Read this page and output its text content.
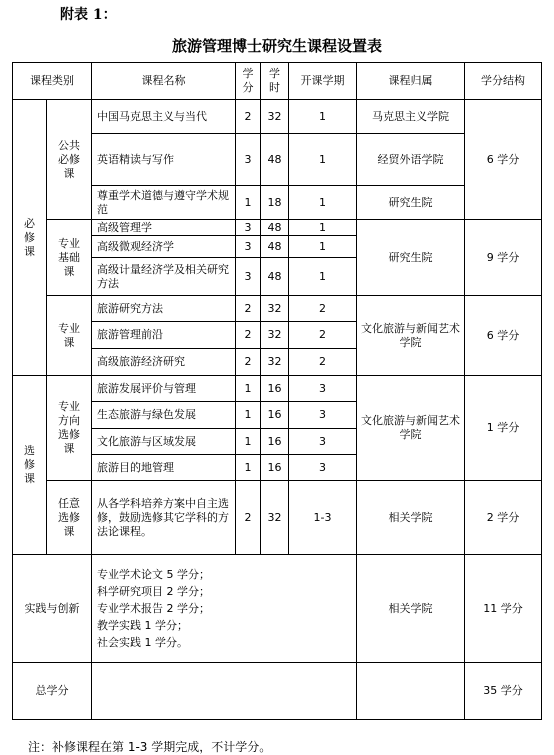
附表 1：
旅游管理博士研究生课程设置表
课程类别		课程名称	学分	学时	开课学期	课程归属	学分结构
必修课	公共必修课	中国马克思主义与当代	2	32	1	马克思主义学院	6 学分
		英语精读与写作	3	48	1	经贸外语学院	
		尊重学术道德与遵守学术规范	1	18	1	研究生院	
	专业基础课	高级管理学	3	48	1	研究生院	9 学分
		高级微观经济学	3	48	1		
		高级计量经济学及相关研究方法	3	48	1		
	专业课	旅游研究方法	2	32	2	文化旅游与新闻艺术学院	6 学分
		旅游管理前沿	2	32	2		
		高级旅游经济研究	2	32	2		
选修课	专业方向选修课	旅游发展评价与管理	1	16	3	文化旅游与新闻艺术学院	1 学分
		生态旅游与绿色发展	1	16	3		
		文化旅游与区域发展	1	16	3		
		旅游目的地管理	1	16	3		
	任意选修课	从各学科培养方案中自主选修，鼓励选修其它学科的方法论课程。	2	32	1-3	相关学院	2 学分
实践与创新		专业学术论文 5 学分；
科学研究项目 2 学分；
专业学术报告 2 学分；
教学实践 1 学分；
社会实践 1 学分。				相关学院	11 学分
总学分							35 学分
注：补修课程在第 1-3 学期完成，不计学分。
